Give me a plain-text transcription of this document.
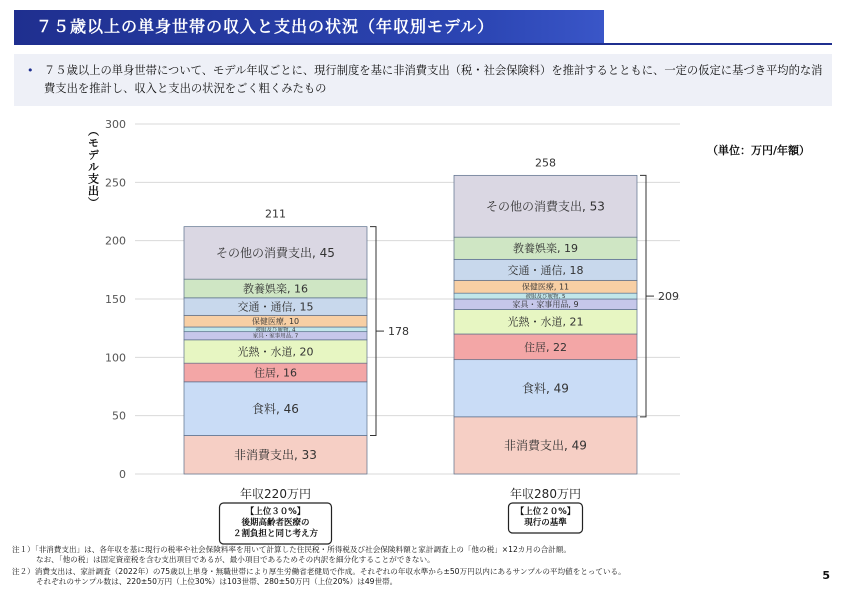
７５歳以上の単身世帯の収入と支出の状況（年収別モデル）
• ７５歳以上の単身世帯について、モデル年収ごとに、現行制度を基に非消費支出（税・社会保険料）を推計するとともに、一定の仮定に基づき平均的な消費支出を推計し、収入と支出の状況をごく粗くみたもの
0
50
100
150
200
250
300
非消費支出, 33
食料, 46
住居, 16
光熱・水道, 20
家具・家事用品, 7
被服及び履物, 4
保健医療, 10
交通・通信, 15
教養娯楽, 16
その他の消費支出, 45
211
年収220万円
非消費支出, 49
食料, 49
住居, 22
光熱・水道, 21
家具・家事用品, 9
被服及び履物, 5
保健医療, 11
交通・通信, 18
教養娯楽, 19
その他の消費支出, 53
258
年収280万円
178
【上位３０%】
後期高齢者医療の
２割負担と同じ考え方
209
【上位２０%】
現行の基準
（モデル支出）	（単位：万円/年額）
注１）「非消費支出」は、各年収を基に現行の税率や社会保険料率を用いて計算した住民税・所得税及び社会保険料額と家計調査上の「他の税」×12カ月の合計額。
なお、「他の税」は固定資産税を含む支出項目であるが、最小項目であるためその内訳を細分化することができない。
注２）消費支出は、家計調査（2022年）の75歳以上単身・無職世帯により厚生労働省老健局で作成。それぞれの年収水準から±50万円以内にあるサンプルの平均値をとっている。
それぞれのサンプル数は、220±50万円（上位30%）は103世帯、280±50万円（上位20%）は49世帯。	5
